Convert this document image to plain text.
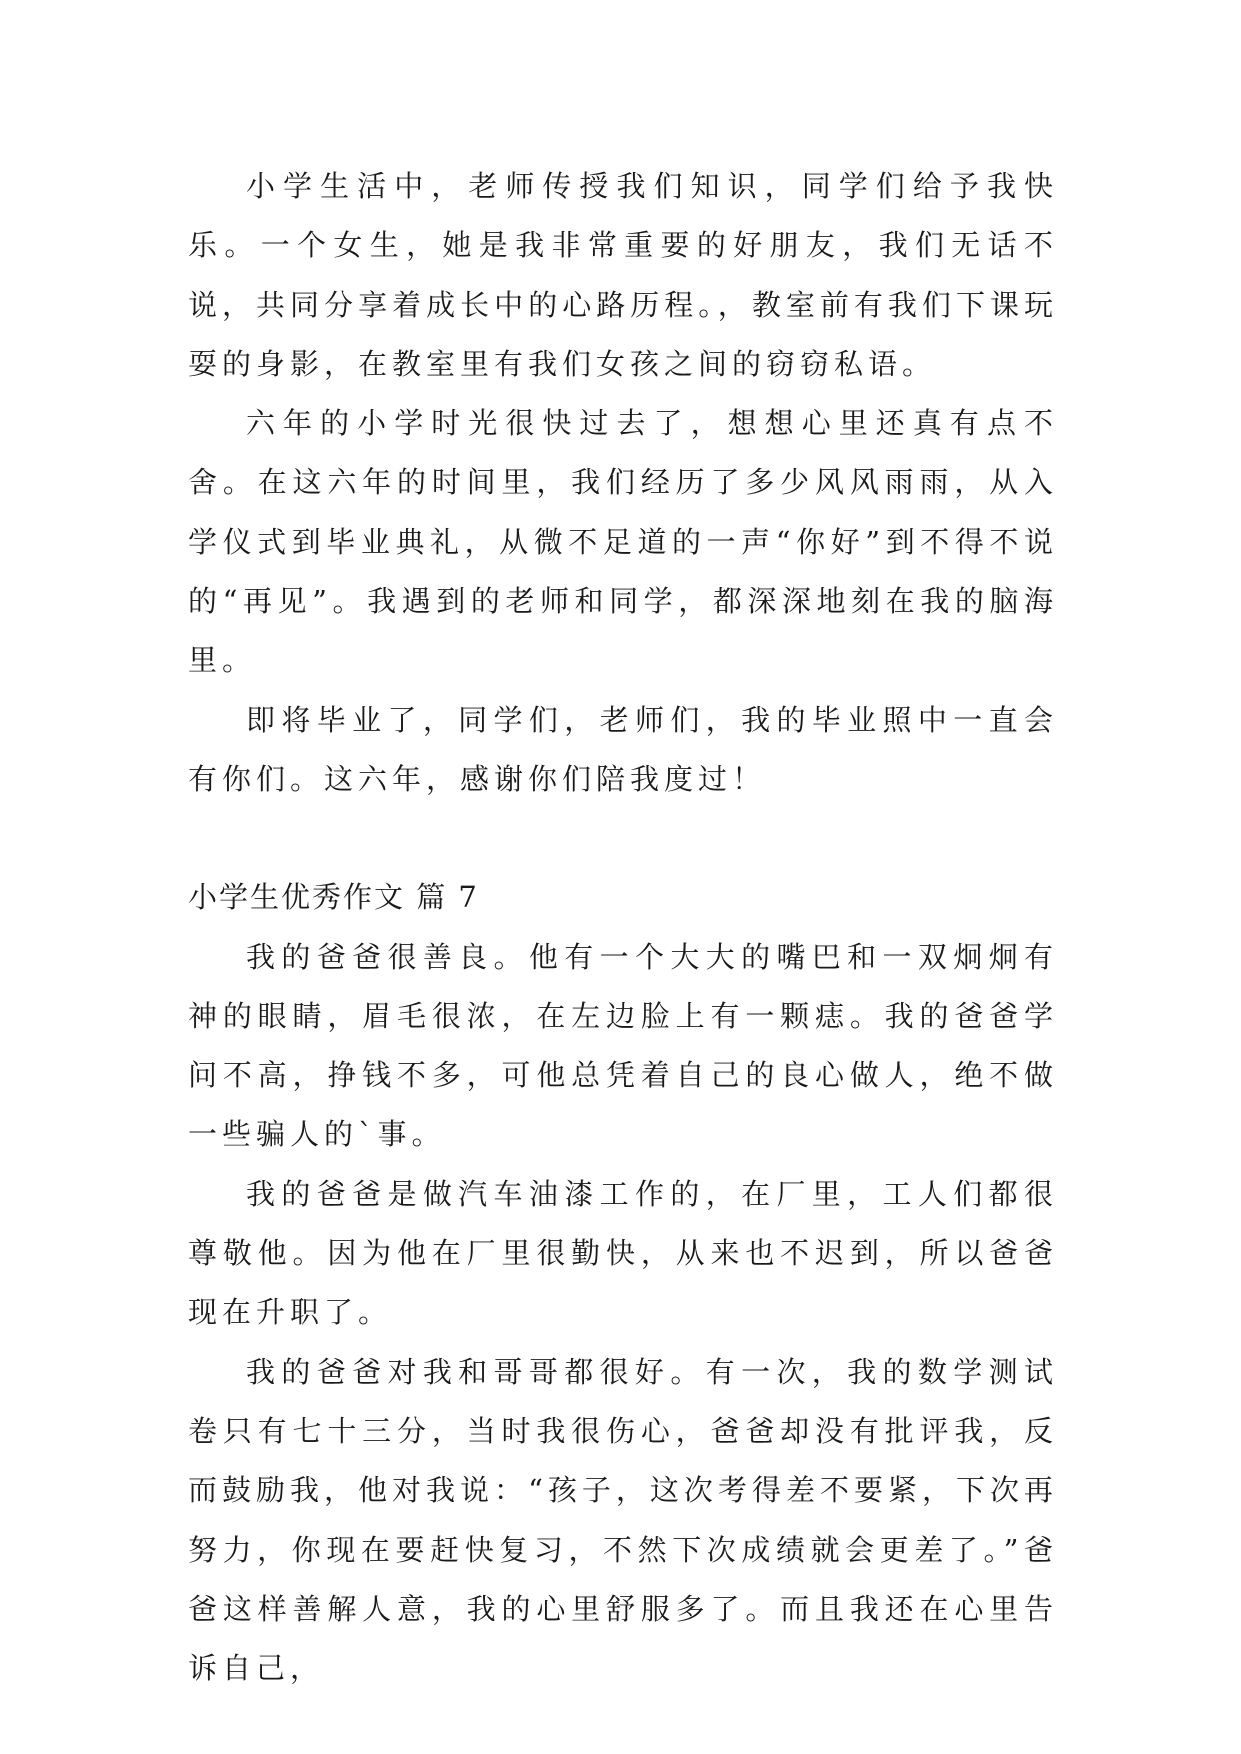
小学生活中，老师传授我们知识，同学们给予我快乐。一个女生，她是我非常重要的好朋友，我们无话不说，共同分享着成长中的心路历程。，教室前有我们下课玩耍的身影，在教室里有我们女孩之间的窃窃私语。

六年的小学时光很快过去了，想想心里还真有点不舍。在这六年的时间里，我们经历了多少风风雨雨，从入学仪式到毕业典礼，从微不足道的一声“你好”到不得不说的“再见”。我遇到的老师和同学，都深深地刻在我的脑海里。

即将毕业了，同学们，老师们，我的毕业照中一直会有你们。这六年，感谢你们陪我度过！

小学生优秀作文 篇 7

我的爸爸很善良。他有一个大大的嘴巴和一双炯炯有神的眼睛，眉毛很浓，在左边脸上有一颗痣。我的爸爸学问不高，挣钱不多，可他总凭着自己的良心做人，绝不做一些骗人的`事。

我的爸爸是做汽车油漆工作的，在厂里，工人们都很尊敬他。因为他在厂里很勤快，从来也不迟到，所以爸爸现在升职了。

我的爸爸对我和哥哥都很好。有一次，我的数学测试卷只有七十三分，当时我很伤心，爸爸却没有批评我，反而鼓励我，他对我说：“孩子，这次考得差不要紧，下次再努力，你现在要赶快复习，不然下次成绩就会更差了。”爸爸这样善解人意，我的心里舒服多了。而且我还在心里告诉自己，
